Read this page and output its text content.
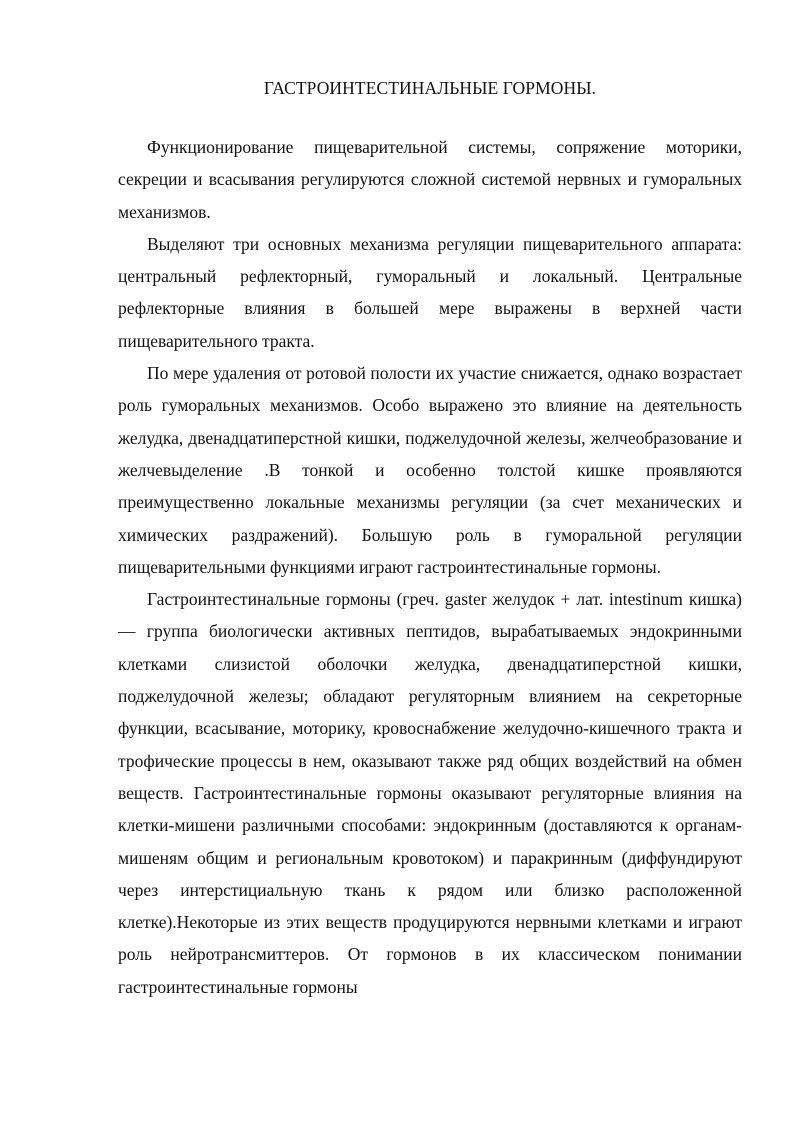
ГАСТРОИНТЕСТИНАЛЬНЫЕ ГОРМОНЫ.

Функционирование пищеварительной системы, сопряжение моторики, секреции и всасывания регулируются сложной системой нервных и гуморальных механизмов.

Выделяют три основных механизма регуляции пищеварительного аппарата: центральный рефлекторный, гуморальный и локальный. Центральные рефлекторные влияния в большей мере выражены в верхней части пищеварительного тракта.

По мере удаления от ротовой полости их участие снижается, однако возрастает роль гуморальных механизмов. Особо выражено это влияние на деятельность желудка, двенадцатиперстной кишки, поджелудочной железы, желчеобразование и желчевыделение .В тонкой и особенно толстой кишке проявляются преимущественно локальные механизмы регуляции (за счет механических и химических раздражений). Большую роль в гуморальной регуляции пищеварительными функциями играют гастроинтестинальные гормоны.

Гастроинтестинальные гормоны (греч. gaster желудок + лат. intestinum кишка) — группа биологически активных пептидов, вырабатываемых эндокринными клетками слизистой оболочки желудка, двенадцатиперстной кишки, поджелудочной железы; обладают регуляторным влиянием на секреторные функции, всасывание, моторику, кровоснабжение желудочно-кишечного тракта и трофические процессы в нем, оказывают также ряд общих воздействий на обмен веществ. Гастроинтестинальные гормоны оказывают регуляторные влияния на клетки-мишени различными способами: эндокринным (доставляются к органам-мишеням общим и региональным кровотоком) и паракринным (диффундируют через интерстициальную ткань к рядом или близко расположенной клетке).Некоторые из этих веществ продуцируются нервными клетками и играют роль нейротрансмиттеров. От гормонов в их классическом понимании гастроинтестинальные гормоны
